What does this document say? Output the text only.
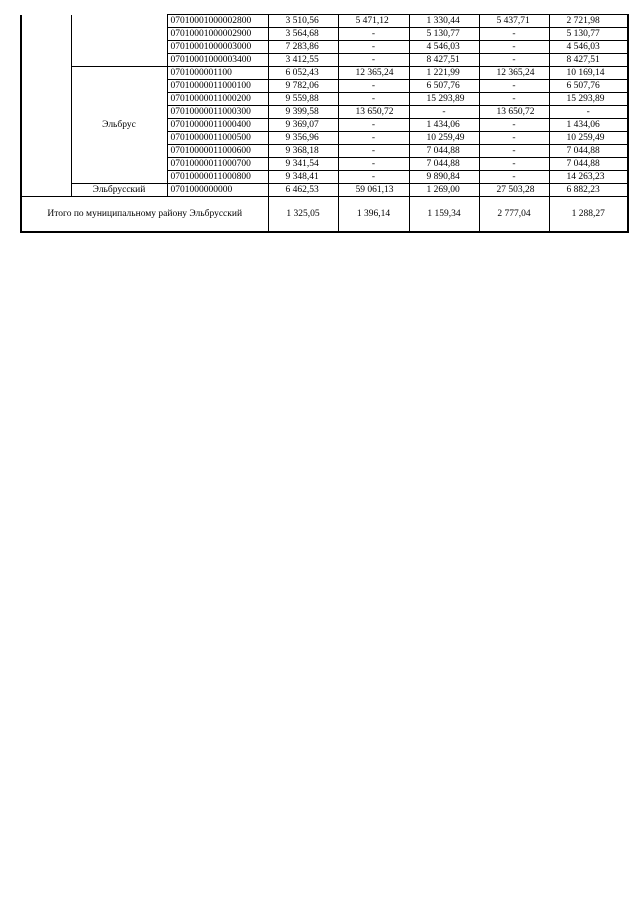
		07010001000002800	3 510,56	5 471,12	1 330,44	5 437,71	2 721,98
		07010001000002900	3 564,68	-	5 130,77	-	5 130,77
		07010001000003000	7 283,86	-	4 546,03	-	4 546,03
		07010001000003400	3 412,55	-	8 427,51	-	8 427,51
	Эльбрус	0701000001100	6 052,43	12 365,24	1 221,99	12 365,24	10 169,14
		07010000011000100	9 782,06	-	6 507,76	-	6 507,76
		07010000011000200	9 559,88	-	15 293,89	-	15 293,89
		07010000011000300	9 399,58	13 650,72	-	13 650,72	-
		07010000011000400	9 369,07	-	1 434,06	-	1 434,06
		07010000011000500	9 356,96	-	10 259,49	-	10 259,49
		07010000011000600	9 368,18	-	7 044,88	-	7 044,88
		07010000011000700	9 341,54	-	7 044,88	-	7 044,88
		07010000011000800	9 348,41	-	9 890,84	-	14 263,23
	Эльбрусский	0701000000000	6 462,53	59 061,13	1 269,00	27 503,28	6 882,23
Итого по муниципальному району Эльбрусский			1 325,05	1 396,14	1 159,34	2 777,04	1 288,27
